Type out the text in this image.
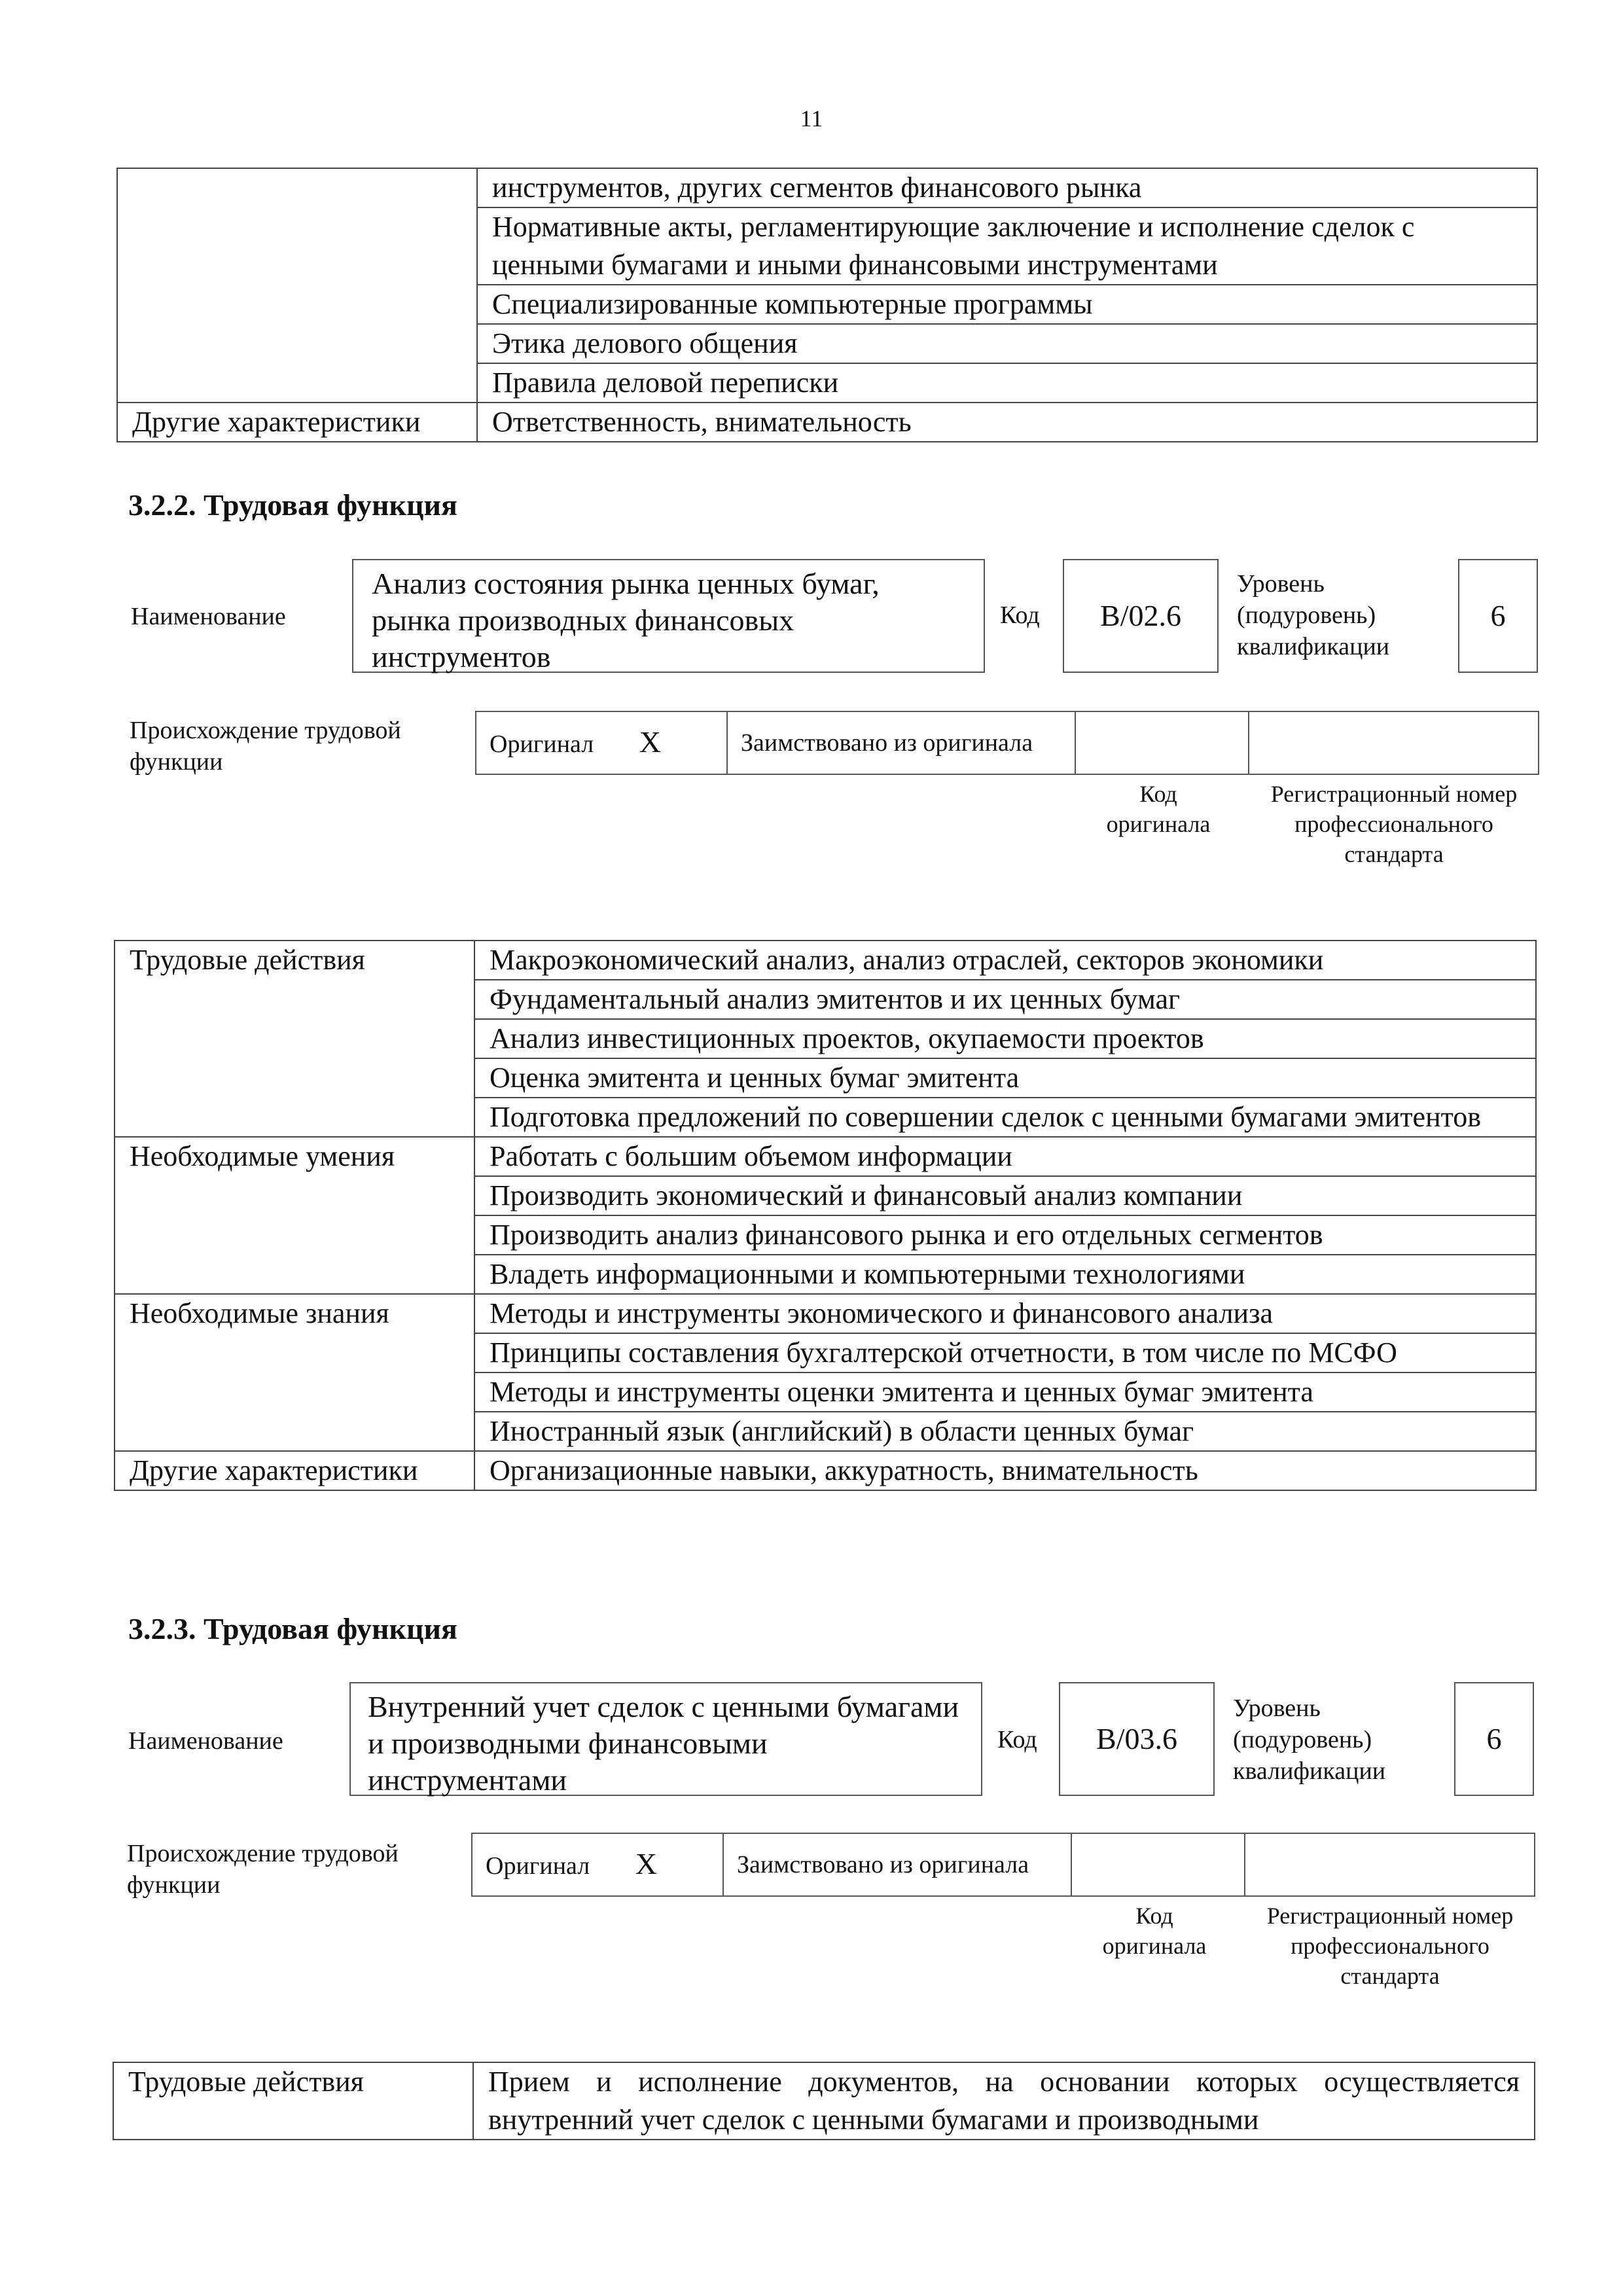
11
	инструментов, других сегментов финансового рынка
	Нормативные акты, регламентирующие заключение и исполнение сделок с ценными бумагами и иными финансовыми инструментами
	Специализированные компьютерные программы
	Этика делового общения
	Правила деловой переписки
Другие характеристики	Ответственность, внимательность
3.2.2. Трудовая функция
Наименование
Анализ состояния рынка ценных бумаг, рынка производных финансовых инструментов
Код	B/02.6
Уровень (подуровень) квалификации
6
Происхождение трудовой функции
Оригинал X	Заимствовано из оригинала		
Код оригинала
Регистрационный номер профессионального стандарта
Трудовые действия	Макроэкономический анализ, анализ отраслей, секторов экономики
	Фундаментальный анализ эмитентов и их ценных бумаг
	Анализ инвестиционных проектов, окупаемости проектов
	Оценка эмитента и ценных бумаг эмитента
	Подготовка предложений по совершении сделок с ценными бумагами эмитентов
Необходимые умения	Работать с большим объемом информации
	Производить экономический и финансовый анализ компании
	Производить анализ финансового рынка и его отдельных сегментов
	Владеть информационными и компьютерными технологиями
Необходимые знания	Методы и инструменты экономического и финансового анализа
	Принципы составления бухгалтерской отчетности, в том числе по МСФО
	Методы и инструменты оценки эмитента и ценных бумаг эмитента
	Иностранный язык (английский) в области ценных бумаг
Другие характеристики	Организационные навыки, аккуратность, внимательность
3.2.3. Трудовая функция
Наименование
Внутренний учет сделок с ценными бумагами и производными финансовыми инструментами
Код	B/03.6
Уровень (подуровень) квалификации
6
Происхождение трудовой функции
Оригинал X	Заимствовано из оригинала		
Код оригинала
Регистрационный номер профессионального стандарта
Трудовые действия	Прием и исполнение документов, на основании которых осуществляется внутренний учет сделок с ценными бумагами и производными
